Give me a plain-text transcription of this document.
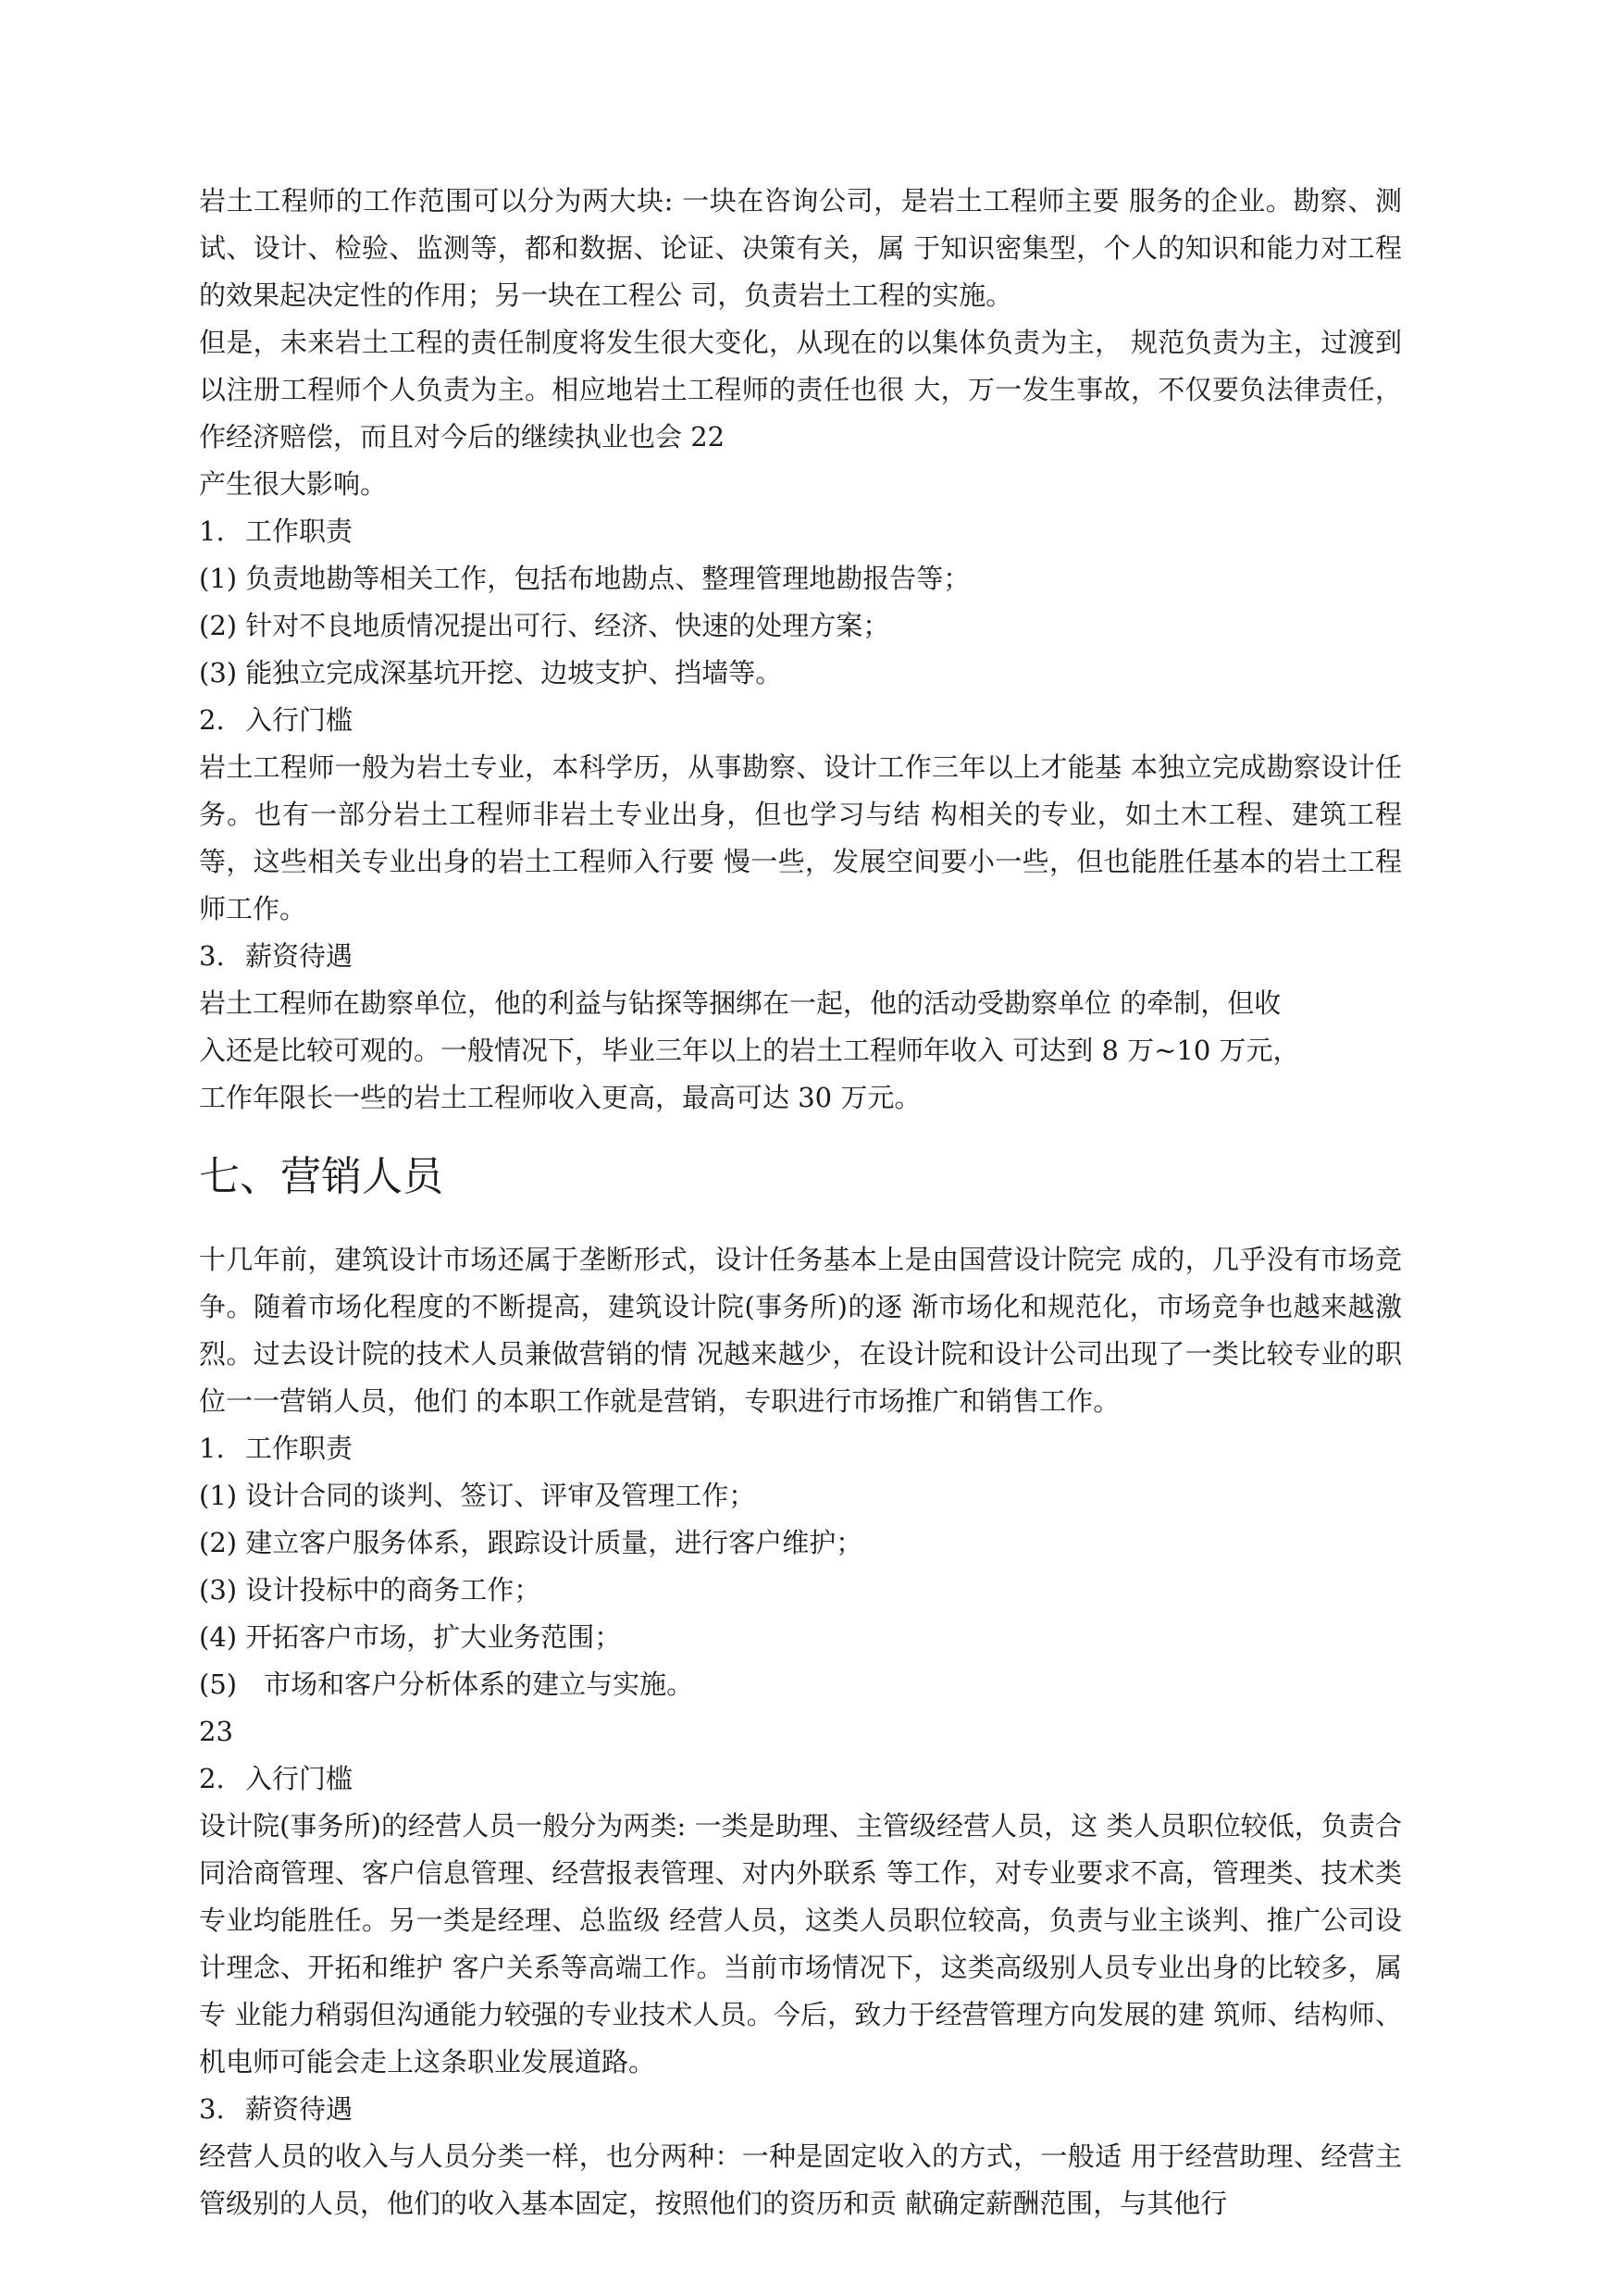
岩土工程师的工作范围可以分为两大块: 一块在咨询公司，是岩土工程师主要 服务的企业。勘察、测试、设计、检验、监测等，都和数据、论证、决策有关，属 于知识密集型，个人的知识和能力对工程的效果起决定性的作用；另一块在工程公 司，负责岩土工程的实施。

但是，未来岩土工程的责任制度将发生很大变化，从现在的以集体负责为主， 规范负责为主，过渡到以注册工程师个人负责为主。相应地岩土工程师的责任也很 大，万一发生事故，不仅要负法律责任，作经济赔偿，而且对今后的继续执业也会 22

产生很大影响。

1. 工作职责

(1) 负责地勘等相关工作，包括布地勘点、整理管理地勘报告等；

(2) 针对不良地质情况提出可行、经济、快速的处理方案；

(3) 能独立完成深基坑开挖、边坡支护、挡墙等。

2. 入行门槛

岩土工程师一般为岩土专业，本科学历，从事勘察、设计工作三年以上才能基 本独立完成勘察设计任务。也有一部分岩土工程师非岩土专业出身，但也学习与结 构相关的专业，如土木工程、建筑工程等，这些相关专业出身的岩土工程师入行要 慢一些，发展空间要小一些，但也能胜任基本的岩土工程师工作。

3. 薪资待遇

岩土工程师在勘察单位，他的利益与钻探等捆绑在一起，他的活动受勘察单位 的牵制，但收

入还是比较可观的。一般情况下，毕业三年以上的岩土工程师年收入 可达到 8 万~10 万元，

工作年限长一些的岩土工程师收入更高，最高可达 30 万元。

七、营销人员

十几年前，建筑设计市场还属于垄断形式，设计任务基本上是由国营设计院完 成的，几乎没有市场竞争。随着市场化程度的不断提高，建筑设计院(事务所)的逐 渐市场化和规范化，市场竞争也越来越激烈。过去设计院的技术人员兼做营销的情 况越来越少，在设计院和设计公司出现了一类比较专业的职位一一营销人员，他们 的本职工作就是营销，专职进行市场推广和销售工作。

1. 工作职责

(1) 设计合同的谈判、签订、评审及管理工作；

(2) 建立客户服务体系，跟踪设计质量，进行客户维护；

(3) 设计投标中的商务工作；

(4) 开拓客户市场，扩大业务范围；

(5)　市场和客户分析体系的建立与实施。

23

2. 入行门槛

设计院(事务所)的经营人员一般分为两类: 一类是助理、主管级经营人员，这 类人员职位较低，负责合同洽商管理、客户信息管理、经营报表管理、对内外联系 等工作，对专业要求不高，管理类、技术类专业均能胜任。另一类是经理、总监级 经营人员，这类人员职位较高，负责与业主谈判、推广公司设计理念、开拓和维护 客户关系等高端工作。当前市场情况下，这类高级别人员专业出身的比较多，属专 业能力稍弱但沟通能力较强的专业技术人员。今后，致力于经营管理方向发展的建 筑师、结构师、机电师可能会走上这条职业发展道路。

3. 薪资待遇

经营人员的收入与人员分类一样，也分两种：一种是固定收入的方式，一般适 用于经营助理、经营主管级别的人员，他们的收入基本固定，按照他们的资历和贡 献确定薪酬范围，与其他行
